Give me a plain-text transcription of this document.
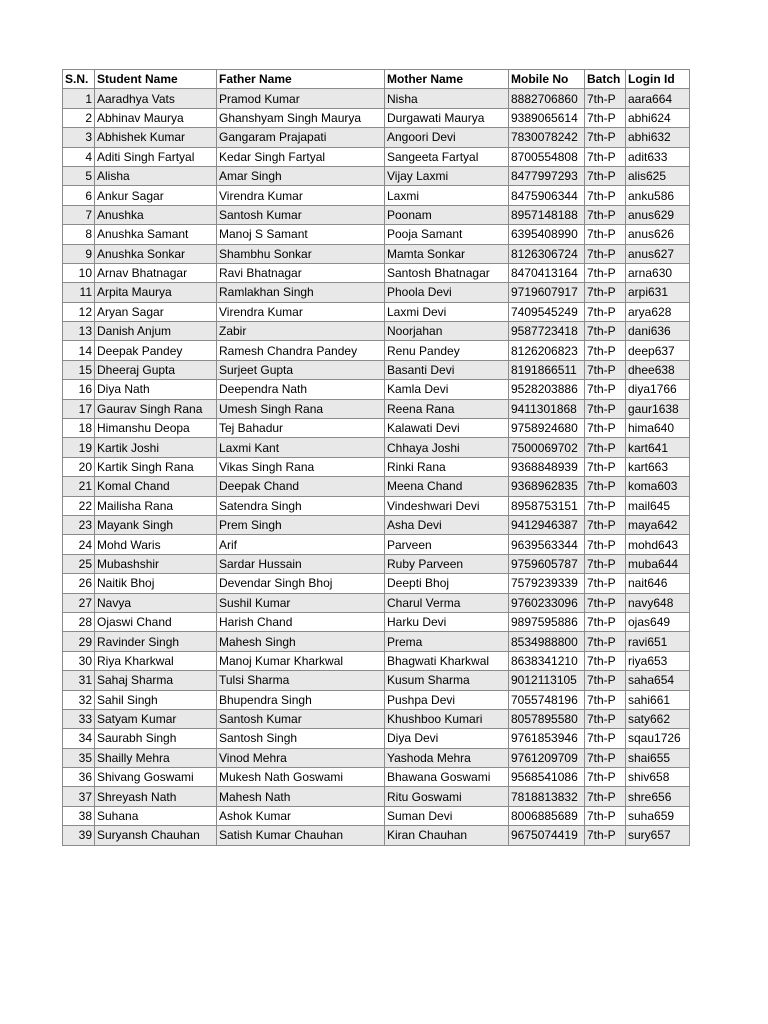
S.N.	Student Name	Father Name	Mother Name	Mobile No	Batch	Login Id
1	Aaradhya Vats	Pramod Kumar	Nisha	8882706860	7th-P	aara664
2	Abhinav Maurya	Ghanshyam Singh Maurya	Durgawati Maurya	9389065614	7th-P	abhi624
3	Abhishek Kumar	Gangaram Prajapati	Angoori Devi	7830078242	7th-P	abhi632
4	Aditi Singh Fartyal	Kedar Singh Fartyal	Sangeeta Fartyal	8700554808	7th-P	adit633
5	Alisha	Amar Singh	Vijay Laxmi	8477997293	7th-P	alis625
6	Ankur Sagar	Virendra Kumar	Laxmi	8475906344	7th-P	anku586
7	Anushka	Santosh Kumar	Poonam	8957148188	7th-P	anus629
8	Anushka Samant	Manoj S Samant	Pooja Samant	6395408990	7th-P	anus626
9	Anushka Sonkar	Shambhu Sonkar	Mamta Sonkar	8126306724	7th-P	anus627
10	Arnav Bhatnagar	Ravi Bhatnagar	Santosh Bhatnagar	8470413164	7th-P	arna630
11	Arpita Maurya	Ramlakhan Singh	Phoola Devi	9719607917	7th-P	arpi631
12	Aryan Sagar	Virendra Kumar	Laxmi Devi	7409545249	7th-P	arya628
13	Danish Anjum	Zabir	Noorjahan	9587723418	7th-P	dani636
14	Deepak Pandey	Ramesh Chandra Pandey	Renu Pandey	8126206823	7th-P	deep637
15	Dheeraj Gupta	Surjeet Gupta	Basanti Devi	8191866511	7th-P	dhee638
16	Diya Nath	Deependra Nath	Kamla Devi	9528203886	7th-P	diya1766
17	Gaurav Singh Rana	Umesh Singh Rana	Reena Rana	9411301868	7th-P	gaur1638
18	Himanshu Deopa	Tej Bahadur	Kalawati Devi	9758924680	7th-P	hima640
19	Kartik Joshi	Laxmi Kant	Chhaya Joshi	7500069702	7th-P	kart641
20	Kartik Singh Rana	Vikas Singh Rana	Rinki Rana	9368848939	7th-P	kart663
21	Komal Chand	Deepak Chand	Meena Chand	9368962835	7th-P	koma603
22	Mailisha Rana	Satendra Singh	Vindeshwari Devi	8958753151	7th-P	mail645
23	Mayank Singh	Prem Singh	Asha Devi	9412946387	7th-P	maya642
24	Mohd Waris	Arif	Parveen	9639563344	7th-P	mohd643
25	Mubashshir	Sardar Hussain	Ruby Parveen	9759605787	7th-P	muba644
26	Naitik Bhoj	Devendar Singh Bhoj	Deepti Bhoj	7579239339	7th-P	nait646
27	Navya	Sushil Kumar	Charul Verma	9760233096	7th-P	navy648
28	Ojaswi Chand	Harish Chand	Harku Devi	9897595886	7th-P	ojas649
29	Ravinder Singh	Mahesh Singh	Prema	8534988800	7th-P	ravi651
30	Riya Kharkwal	Manoj Kumar Kharkwal	Bhagwati Kharkwal	8638341210	7th-P	riya653
31	Sahaj Sharma	Tulsi Sharma	Kusum Sharma	9012113105	7th-P	saha654
32	Sahil Singh	Bhupendra Singh	Pushpa Devi	7055748196	7th-P	sahi661
33	Satyam Kumar	Santosh Kumar	Khushboo Kumari	8057895580	7th-P	saty662
34	Saurabh Singh	Santosh Singh	Diya Devi	9761853946	7th-P	sqau1726
35	Shailly Mehra	Vinod Mehra	Yashoda Mehra	9761209709	7th-P	shai655
36	Shivang Goswami	Mukesh Nath Goswami	Bhawana Goswami	9568541086	7th-P	shiv658
37	Shreyash Nath	Mahesh Nath	Ritu Goswami	7818813832	7th-P	shre656
38	Suhana	Ashok Kumar	Suman Devi	8006885689	7th-P	suha659
39	Suryansh Chauhan	Satish Kumar Chauhan	Kiran Chauhan	9675074419	7th-P	sury657
